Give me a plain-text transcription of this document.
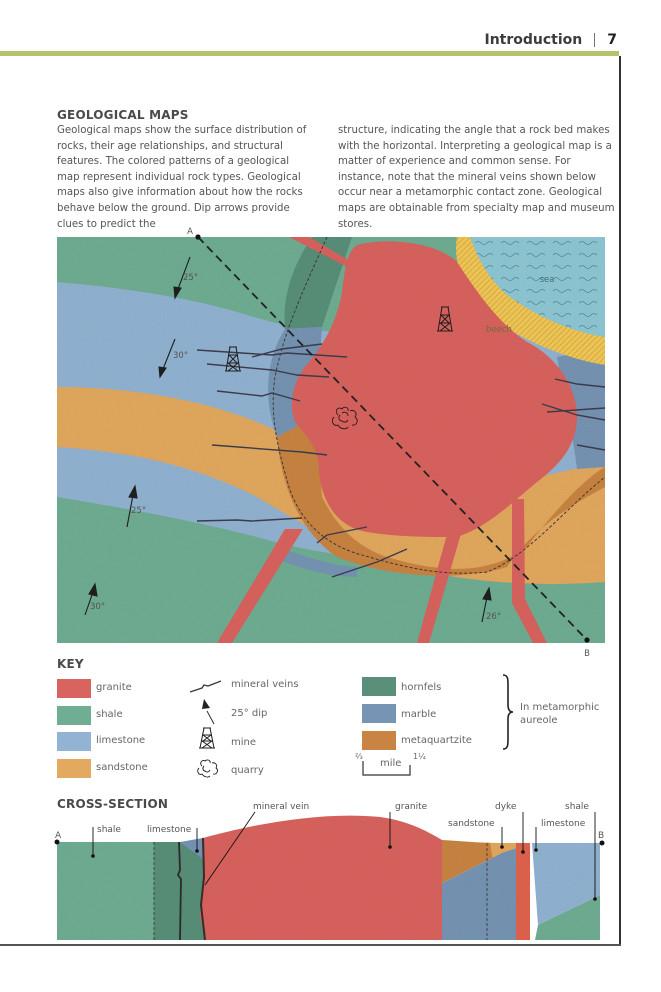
Introduction 7
GEOLOGICAL MAPS

Geological maps show the surface distribution of rocks, their age relationships, and structural features. The colored patterns of a geological map represent individual rock types. Geological maps also give information about how the rocks behave below the ground. Dip arrows provide clues to predict the

structure, indicating the angle that a rock bed makes with the horizontal. Interpreting a geological map is a matter of experience and common sense. For instance, note that the mineral veins shown below occur near a metamorphic contact zone. Geological maps are obtainable from specialty map and museum stores.

A
B
sea
beech
25°
30°
25°
30°
26°
KEY
granite
shale
limestone
sandstone
mineral veins
25° dip
mine
quarry
hornfels
marble
metaquartzite
In metamorphic aureole
⅔
mile
1¼
CROSS-SECTION
A	B
shale	limestone
mineral vein	granite
sandstone
dyke	shale
limestone
